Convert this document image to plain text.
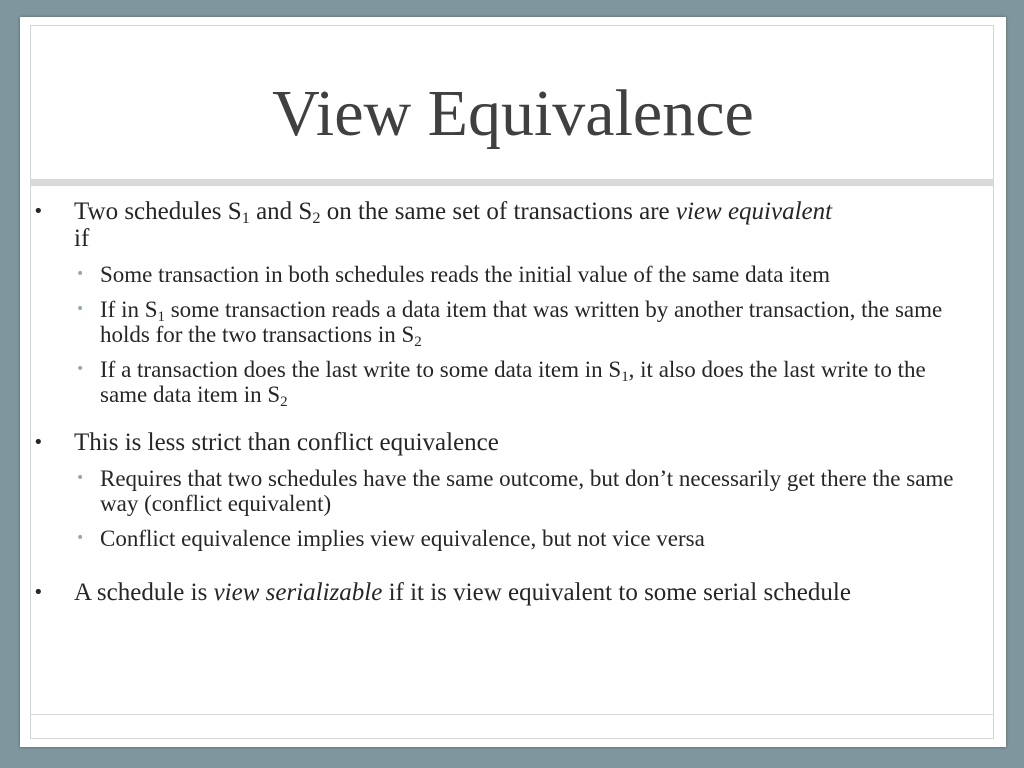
View Equivalence
• Two schedules $S_1$ and $S_2$ on the same set of transactions are view equivalent
if
• Some transaction in both schedules reads the initial value of the same data item
• If in $S_1$ some transaction reads a data item that was written by another transaction, the same holds for the two transactions in $S_2$
• If a transaction does the last write to some data item in $S_1$, it also does the last write to the same data item in $S_2$
• This is less strict than conflict equivalence
• Requires that two schedules have the same outcome, but don’t necessarily get there the same way (conflict equivalent)
• Conflict equivalence implies view equivalence, but not vice versa
• A schedule is view serializable if it is view equivalent to some serial schedule
